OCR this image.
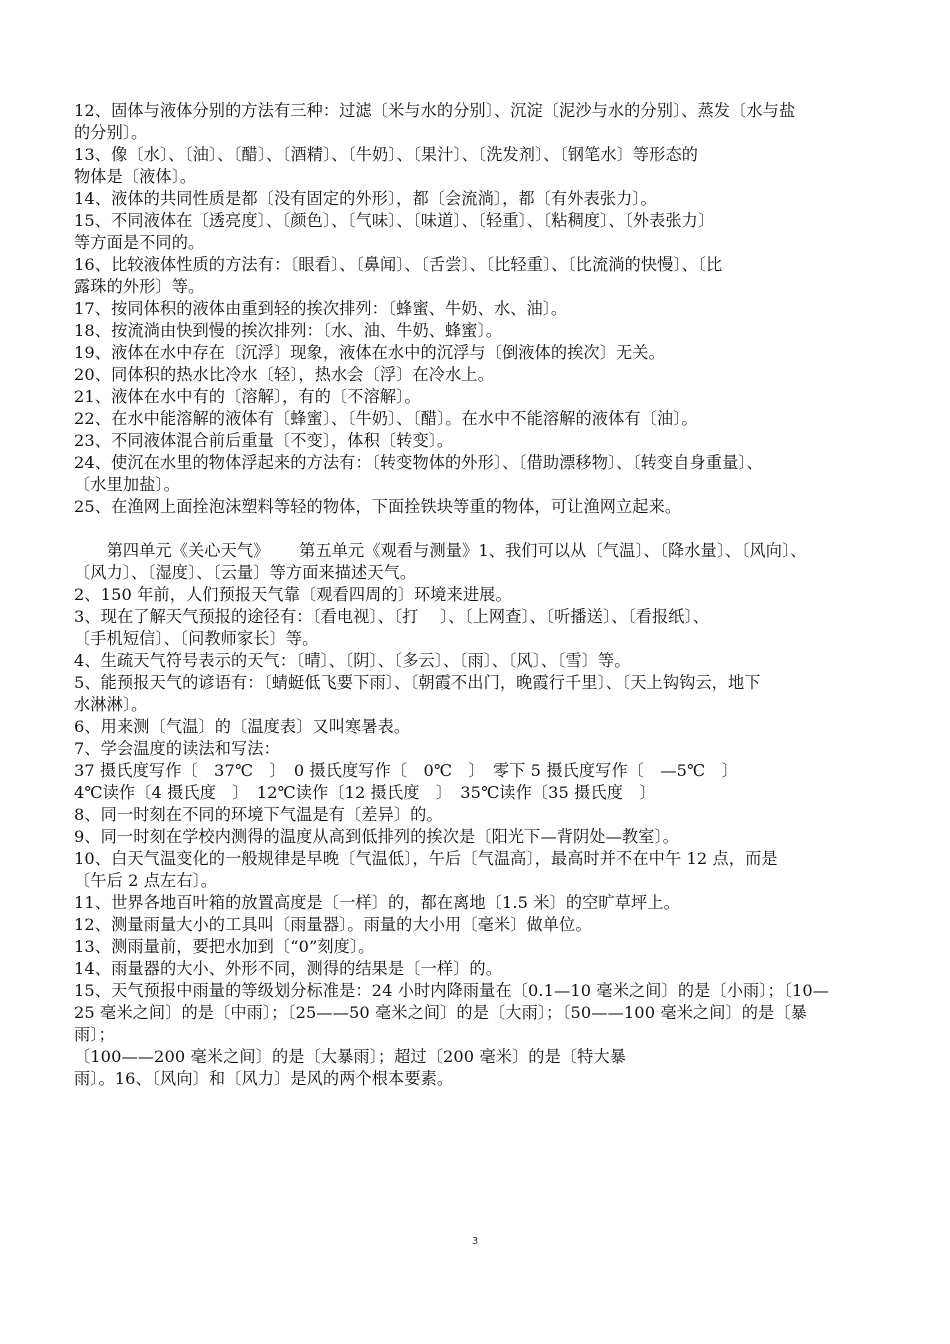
12、固体与液体分别的方法有三种：过滤〔米与水的分别〕、沉淀〔泥沙与水的分别〕、蒸发〔水与盐
的分别〕。
13、像〔水〕、〔油〕、〔醋〕、〔酒精〕、〔牛奶〕、〔果汁〕、〔洗发剂〕、〔钢笔水〕等形态的
物体是〔液体〕。
14、液体的共同性质是都〔没有固定的外形〕，都〔会流淌〕，都〔有外表张力〕。
15、不同液体在〔透亮度〕、〔颜色〕、〔气味〕、〔味道〕、〔轻重〕、〔粘稠度〕、〔外表张力〕
等方面是不同的。
16、比较液体性质的方法有：〔眼看〕、〔鼻闻〕、〔舌尝〕、〔比轻重〕、〔比流淌的快慢〕、〔比
露珠的外形〕等。
17、按同体积的液体由重到轻的挨次排列：〔蜂蜜、牛奶、水、油〕。
18、按流淌由快到慢的挨次排列：〔水、油、牛奶、蜂蜜〕。
19、液体在水中存在〔沉浮〕现象，液体在水中的沉浮与〔倒液体的挨次〕无关。
20、同体积的热水比冷水〔轻〕，热水会〔浮〕在冷水上。
21、液体在水中有的〔溶解〕，有的〔不溶解〕。
22、在水中能溶解的液体有〔蜂蜜〕、〔牛奶〕、〔醋〕。在水中不能溶解的液体有〔油〕。
23、不同液体混合前后重量〔不变〕，体积〔转变〕。
24、使沉在水里的物体浮起来的方法有：〔转变物体的外形〕、〔借助漂移物〕、〔转变自身重量〕、
〔水里加盐〕。
25、在渔网上面拴泡沫塑料等轻的物体，下面拴铁块等重的物体，可让渔网立起来。
　　第四单元《关心天气》　　 第五单元《观看与测量》1、我们可以从〔气温〕、〔降水量〕、〔风向〕、
〔风力〕、〔湿度〕、〔云量〕等方面来描述天气。
2、150 年前，人们预报天气靠〔观看四周的〕环境来进展。
3、现在了解天气预报的途径有：〔看电视〕、〔打　 〕、〔上网查〕、〔听播送〕、〔看报纸〕、
〔手机短信〕、〔问教师家长〕等。
4、生疏天气符号表示的天气：〔晴〕、〔阴〕、〔多云〕、〔雨〕、〔风〕、〔雪〕等。
5、能预报天气的谚语有：〔蜻蜓低飞要下雨〕、〔朝霞不出门，晚霞行千里〕、〔天上钩钩云，地下
水淋淋〕。
6、用来测〔气温〕的〔温度表〕又叫寒暑表。
7、学会温度的读法和写法：
37 摄氏度写作〔　37℃　〕　0 摄氏度写作〔　0℃　〕　零下 5 摄氏度写作〔　—5℃　〕
4℃读作〔4 摄氏度　〕　12℃读作〔12 摄氏度　〕　35℃读作〔35 摄氏度　〕
8、同一时刻在不同的环境下气温是有〔差异〕的。
9、同一时刻在学校内测得的温度从高到低排列的挨次是〔阳光下—背阴处—教室〕。
10、白天气温变化的一般规律是早晚〔气温低〕，午后〔气温高〕，最高时并不在中午 12 点，而是
〔午后 2 点左右〕。
11、世界各地百叶箱的放置高度是〔一样〕的，都在离地〔1.5 米〕的空旷草坪上。
12、测量雨量大小的工具叫〔雨量器〕。雨量的大小用〔毫米〕做单位。
13、测雨量前，要把水加到〔“0”刻度〕。
14、雨量器的大小、外形不同，测得的结果是〔一样〕的。
15、天气预报中雨量的等级划分标准是：24 小时内降雨量在〔0.1—10 毫米之间〕的是〔小雨〕；〔10—
25 毫米之间〕的是〔中雨〕；〔25——50 毫米之间〕的是〔大雨〕；〔50——100 毫米之间〕的是〔暴
雨〕；
〔100——200 毫米之间〕的是〔大暴雨〕；超过〔200 毫米〕的是〔特大暴
雨〕。16、〔风向〕和〔风力〕是风的两个根本要素。
3
